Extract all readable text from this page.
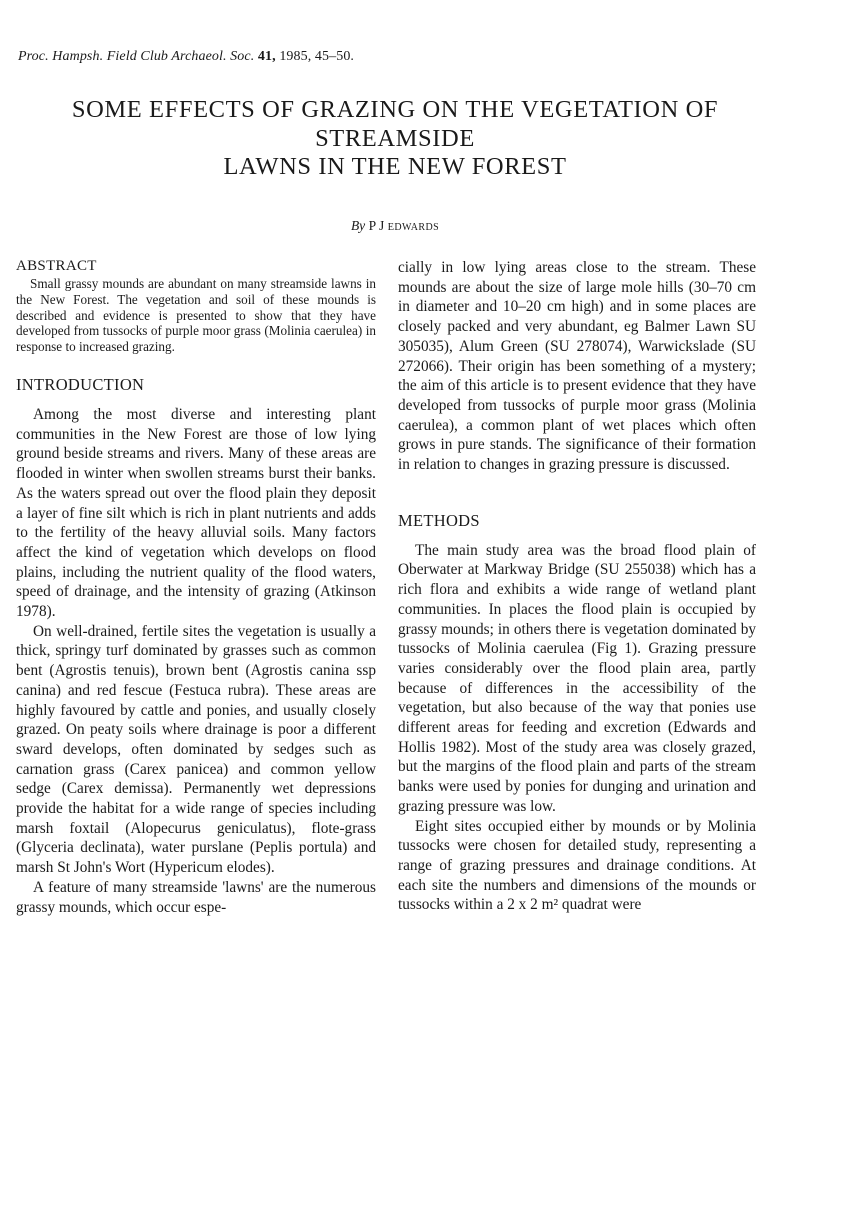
Proc. Hampsh. Field Club Archaeol. Soc. 41, 1985, 45–50.
SOME EFFECTS OF GRAZING ON THE VEGETATION OF
STREAMSIDE
LAWNS IN THE NEW FOREST
By P J EDWARDS

ABSTRACT

Small grassy mounds are abundant on many streamside lawns in the New Forest. The vegetation and soil of these mounds is described and evidence is presented to show that they have developed from tussocks of purple moor grass (Molinia caerulea) in response to increased grazing.

INTRODUCTION

Among the most diverse and interesting plant communities in the New Forest are those of low lying ground beside streams and rivers. Many of these areas are flooded in winter when swollen streams burst their banks. As the waters spread out over the flood plain they deposit a layer of fine silt which is rich in plant nutrients and adds to the fertility of the heavy alluvial soils. Many factors affect the kind of vegetation which develops on flood plains, including the nutrient quality of the flood waters, speed of drainage, and the intensity of grazing (Atkinson 1978).

On well-drained, fertile sites the vegetation is usually a thick, springy turf dominated by grasses such as common bent (Agrostis tenuis), brown bent (Agrostis canina ssp canina) and red fescue (Festuca rubra). These areas are highly favoured by cattle and ponies, and usually closely grazed. On peaty soils where drainage is poor a different sward develops, often dominated by sedges such as carnation grass (Carex panicea) and common yellow sedge (Carex demissa). Permanently wet depressions provide the habitat for a wide range of species including marsh foxtail (Alopecurus geniculatus), flote-grass (Glyceria declinata), water purslane (Peplis portula) and marsh St John's Wort (Hypericum elodes).

A feature of many streamside 'lawns' are the numerous grassy mounds, which occur espe-

cially in low lying areas close to the stream. These mounds are about the size of large mole hills (30–70 cm in diameter and 10–20 cm high) and in some places are closely packed and very abundant, eg Balmer Lawn SU 305035), Alum Green (SU 278074), Warwickslade (SU 272066). Their origin has been something of a mystery; the aim of this article is to present evidence that they have developed from tussocks of purple moor grass (Molinia caerulea), a common plant of wet places which often grows in pure stands. The significance of their formation in relation to changes in grazing pressure is discussed.

METHODS

The main study area was the broad flood plain of Oberwater at Markway Bridge (SU 255038) which has a rich flora and exhibits a wide range of wetland plant communities. In places the flood plain is occupied by grassy mounds; in others there is vegetation dominated by tussocks of Molinia caerulea (Fig 1). Grazing pressure varies considerably over the flood plain area, partly because of differences in the accessibility of the vegetation, but also because of the way that ponies use different areas for feeding and excretion (Edwards and Hollis 1982). Most of the study area was closely grazed, but the margins of the flood plain and parts of the stream banks were used by ponies for dunging and urination and grazing pressure was low.

Eight sites occupied either by mounds or by Molinia tussocks were chosen for detailed study, representing a range of grazing pressures and drainage conditions. At each site the numbers and dimensions of the mounds or tussocks within a 2 x 2 m² quadrat were
